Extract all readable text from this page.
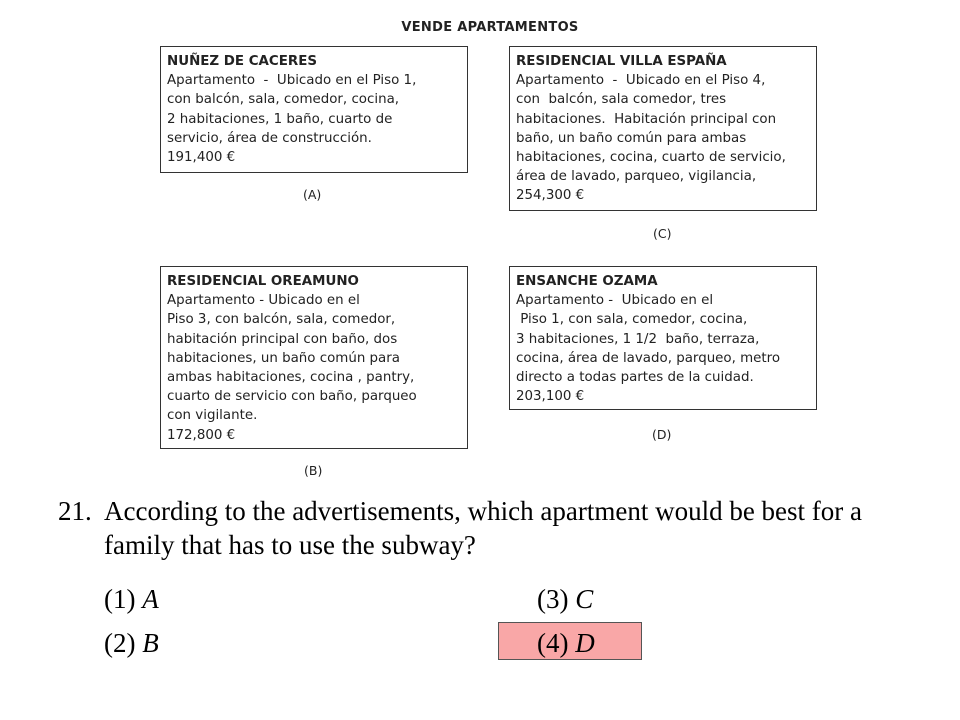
VENDE APARTAMENTOS
NUÑEZ DE CACERES
Apartamento  -  Ubicado en el Piso 1,
con balcón, sala, comedor, cocina,
2 habitaciones, 1 baño, cuarto de
servicio, área de construcción.
191,400 €
(A)
RESIDENCIAL VILLA ESPAÑA
Apartamento  -  Ubicado en el Piso 4,
con  balcón, sala comedor, tres
habitaciones.  Habitación principal con
baño, un baño común para ambas
habitaciones, cocina, cuarto de servicio,
área de lavado, parqueo, vigilancia,
254,300 €
(C)
RESIDENCIAL OREAMUNO
Apartamento - Ubicado en el
Piso 3, con balcón, sala, comedor,
habitación principal con baño, dos
habitaciones, un baño común para
ambas habitaciones, cocina , pantry,
cuarto de servicio con baño, parqueo
con vigilante.
172,800 €
(B)
ENSANCHE OZAMA
Apartamento -  Ubicado en el
Piso 1, con sala, comedor, cocina,
3 habitaciones, 1 1/2  baño, terraza,
cocina, área de lavado, parqueo, metro
directo a todas partes de la cuidad.
203,100 €
(D)
21. According to the advertisements, which apartment would be best for a family that has to use the subway?
(1) A
(2) B
(3) C
(4) D
